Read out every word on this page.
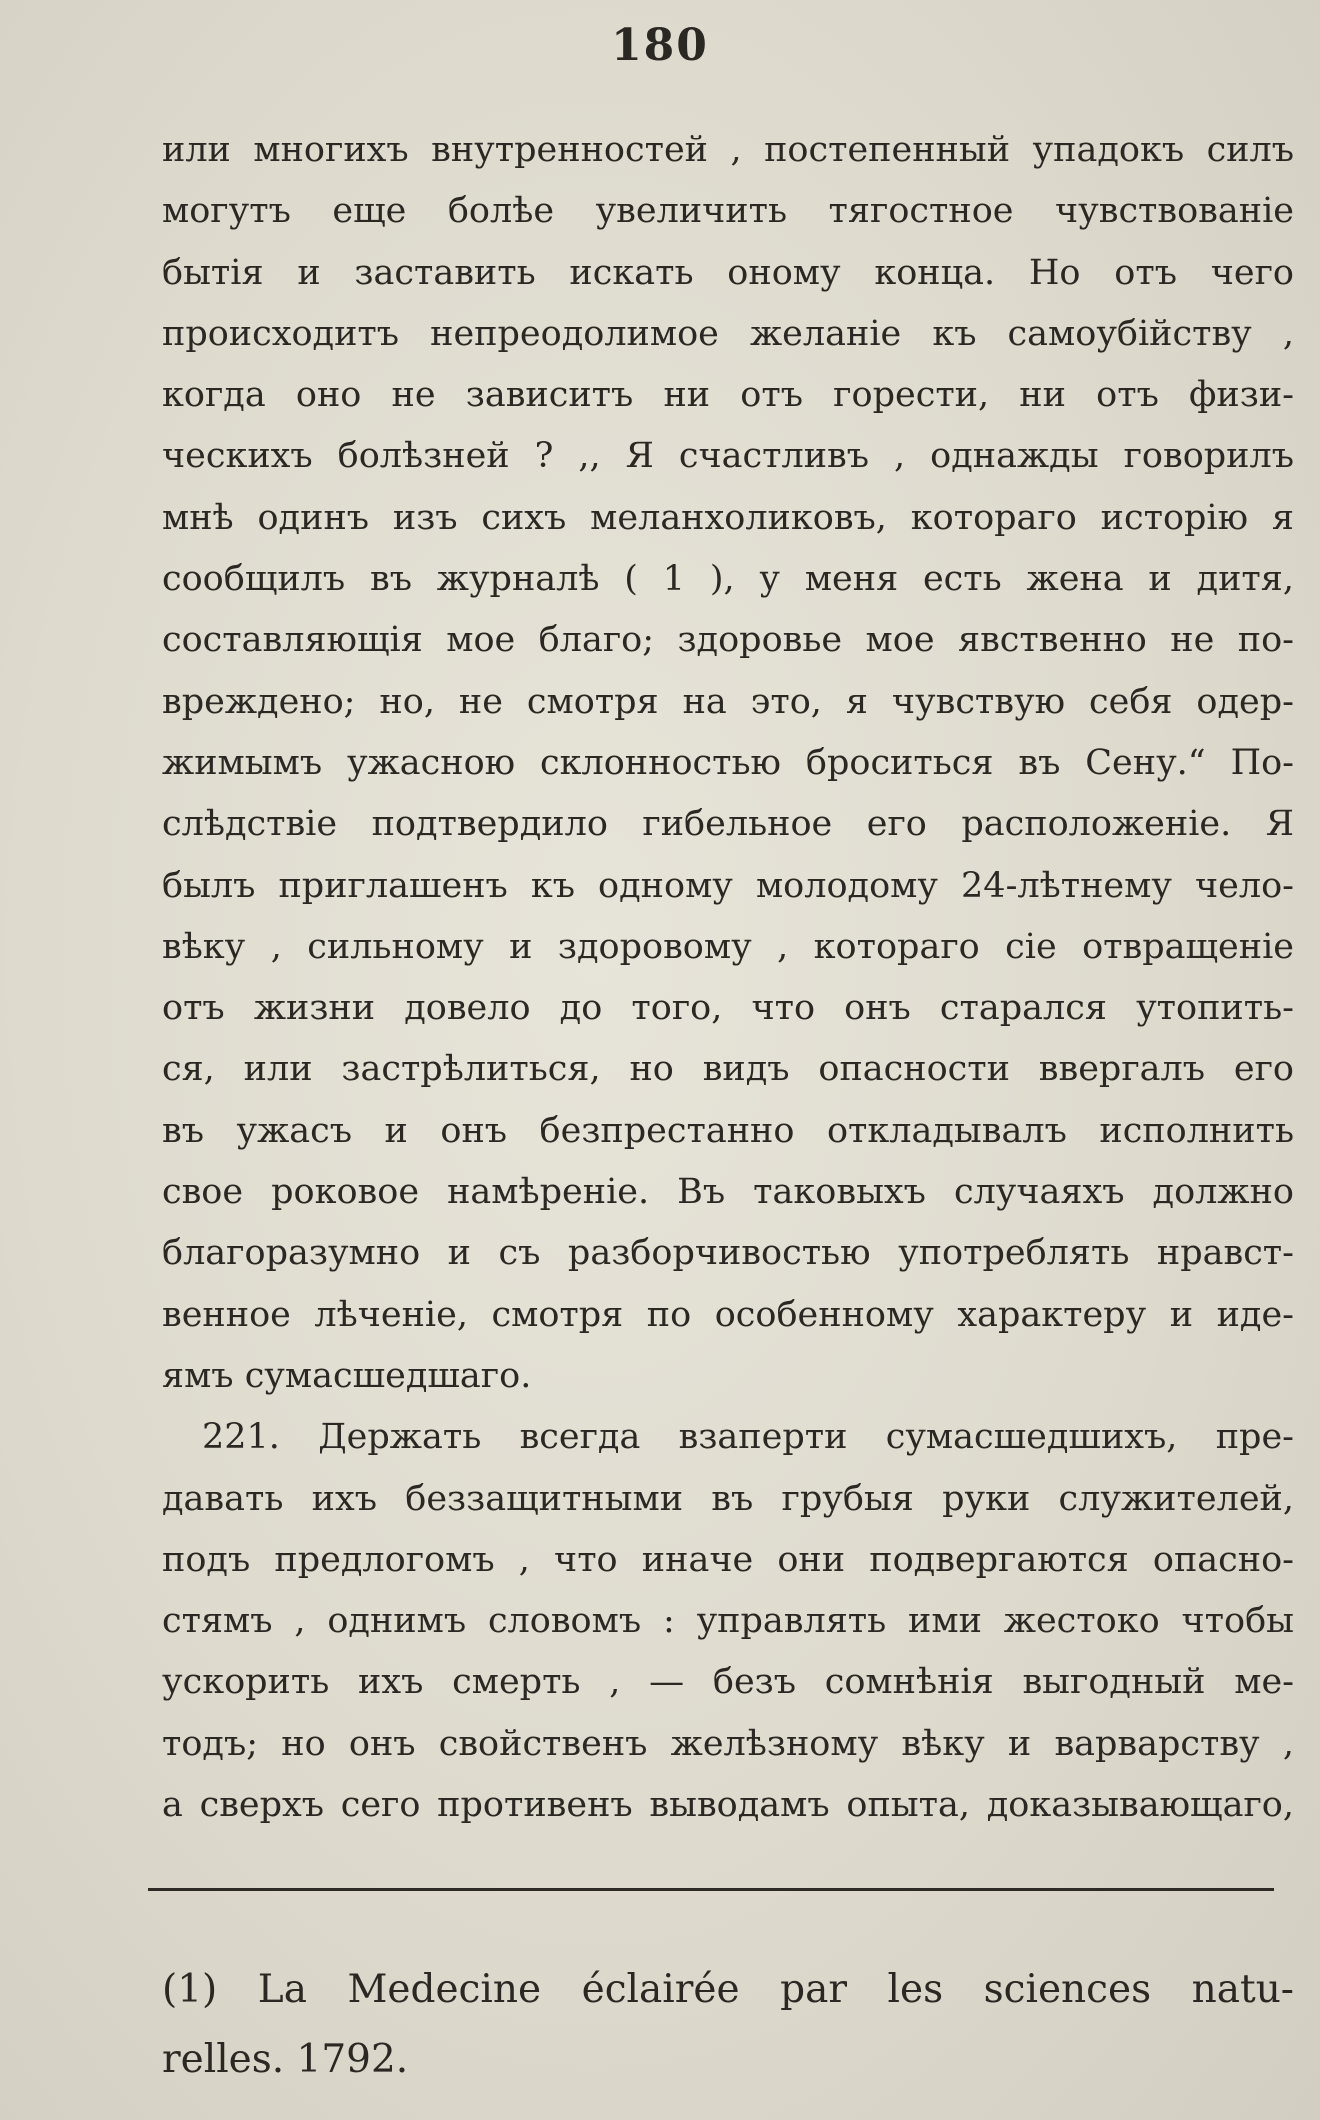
180
или многихъ внутренностей , постепенный упадокъ силъ
могутъ еще болѣе увеличить тягостное чувствованіе
бытія и заставить искать оному конца. Но отъ чего
происходитъ непреодолимое желаніе къ самоубійству ,
когда оно не зависитъ ни отъ горести, ни отъ физи-
ческихъ болѣзней ? ,, Я счастливъ , однажды говорилъ
мнѣ одинъ изъ сихъ меланхоликовъ, котораго исторію я
сообщилъ въ журналѣ ( 1 ), у меня есть жена и дитя,
составляющія мое благо; здоровье мое явственно не по-
вреждено; но, не смотря на это, я чувствую себя одер-
жимымъ ужасною склонностью броситься въ Сену.“ По-
слѣдствіе подтвердило гибельное его расположеніе. Я
былъ приглашенъ къ одному молодому 24-лѣтнему чело-
вѣку , сильному и здоровому , котораго сіе отвращеніе
отъ жизни довело до того, что онъ старался утопить-
ся, или застрѣлиться, но видъ опасности ввергалъ его
въ ужасъ и онъ безпрестанно откладывалъ исполнить
свое роковое намѣреніе. Въ таковыхъ случаяхъ должно
благоразумно и съ разборчивостью употреблять нравст-
венное лѣченіе, смотря по особенному характеру и иде-
ямъ сумасшедшаго.
221. Держать всегда взаперти сумасшедшихъ, пре-
давать ихъ беззащитными въ грубыя руки служителей,
подъ предлогомъ , что иначе они подвергаются опасно-
стямъ , однимъ словомъ : управлять ими жестоко чтобы
ускорить ихъ смерть , — безъ сомнѣнія выгодный ме-
тодъ; но онъ свойственъ желѣзному вѣку и варварству ,
а сверхъ сего противенъ выводамъ опыта, доказывающаго,
(1) La Medecine éclairée par les sciences natu-
relles. 1792.
